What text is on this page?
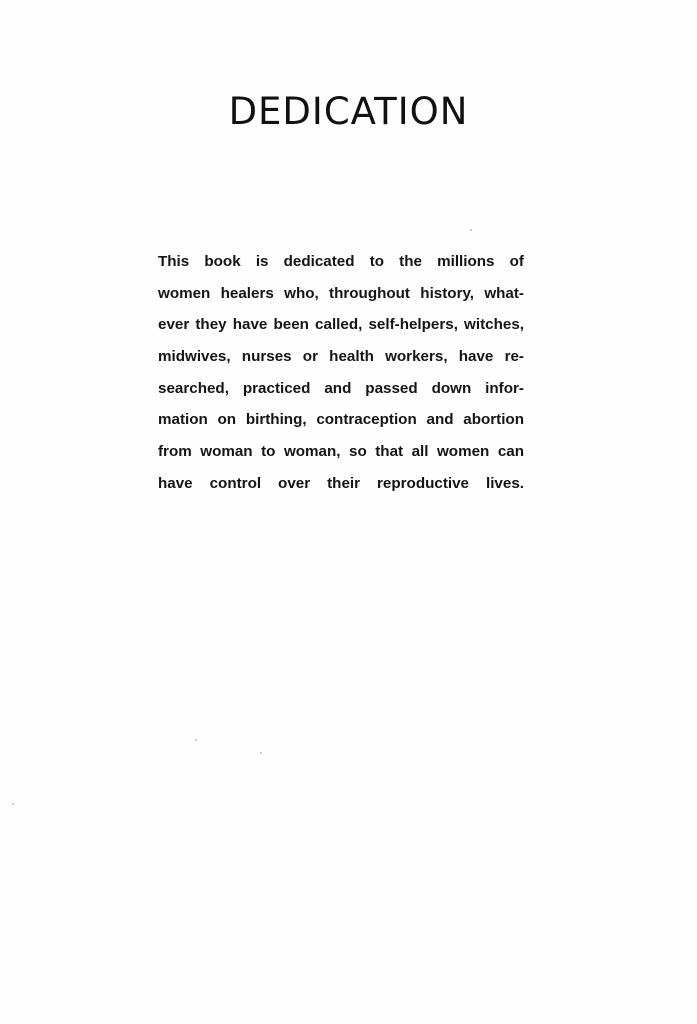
DEDICATION
This book is dedicated to the millions of
women healers who, throughout history, what-
ever they have been called, self-helpers, witches,
midwives, nurses or health workers, have re-
searched, practiced and passed down infor-
mation on birthing, contraception and abortion
from woman to woman, so that all women can
have control over their reproductive lives.
